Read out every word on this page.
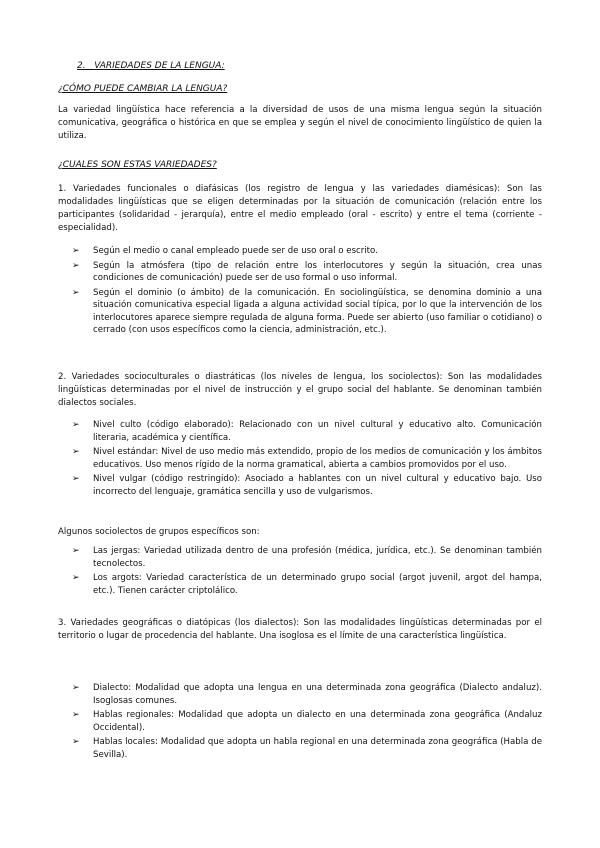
2. VARIEDADES DE LA LENGUA:
¿CÓMO PUEDE CAMBIAR LA LENGUA?
La variedad lingüística hace referencia a la diversidad de usos de una misma lengua según la situación comunicativa, geográfica o histórica en que se emplea y según el nivel de conocimiento lingüístico de quien la utiliza.
¿CUALES SON ESTAS VARIEDADES?
1. Variedades funcionales o diafásicas (los registro de lengua y las variedades diamésicas): Son las modalidades lingüísticas que se eligen determinadas por la situación de comunicación (relación entre los participantes (solidaridad - jerarquía), entre el medio empleado (oral - escrito) y entre el tema (corriente - especialidad).
➢ Según el medio o canal empleado puede ser de uso oral o escrito.
➢ Según la atmósfera (tipo de relación entre los interlocutores y según la situación, crea unas condiciones de comunicación) puede ser de uso formal o uso informal.
➢ Según el dominio (o ámbito) de la comunicación. En sociolingüística, se denomina dominio a una situación comunicativa especial ligada a alguna actividad social típica, por lo que la intervención de los interlocutores aparece siempre regulada de alguna forma. Puede ser abierto (uso familiar o cotidiano) o cerrado (con usos específicos como la ciencia, administración, etc.).
2. Variedades socioculturales o diastráticas (los niveles de lengua, los sociolectos): Son las modalidades lingüísticas determinadas por el nivel de instrucción y el grupo social del hablante. Se denominan también dialectos sociales.
➢ Nivel culto (código elaborado): Relacionado con un nivel cultural y educativo alto. Comunicación literaria, académica y científica.
➢ Nivel estándar: Nivel de uso medio más extendido, propio de los medios de comunicación y los ámbitos educativos. Uso menos rígido de la norma gramatical, abierta a cambios promovidos por el uso.
➢ Nivel vulgar (código restringido): Asociado a hablantes con un nivel cultural y educativo bajo. Uso incorrecto del lenguaje, gramática sencilla y uso de vulgarismos.
Algunos sociolectos de grupos específicos son:
➢ Las jergas: Variedad utilizada dentro de una profesión (médica, jurídica, etc.). Se denominan también tecnolectos.
➢ Los argots: Variedad característica de un determinado grupo social (argot juvenil, argot del hampa, etc.). Tienen carácter criptolálico.
3. Variedades geográficas o diatópicas (los dialectos): Son las modalidades lingüísticas determinadas por el territorio o lugar de procedencia del hablante. Una isoglosa es el límite de una característica lingüística.
➢ Dialecto: Modalidad que adopta una lengua en una determinada zona geográfica (Dialecto andaluz). Isoglosas comunes.
➢ Hablas regionales: Modalidad que adopta un dialecto en una determinada zona geográfica (Andaluz Occidental).
➢ Hablas locales: Modalidad que adopta un habla regional en una determinada zona geográfica (Habla de Sevilla).
